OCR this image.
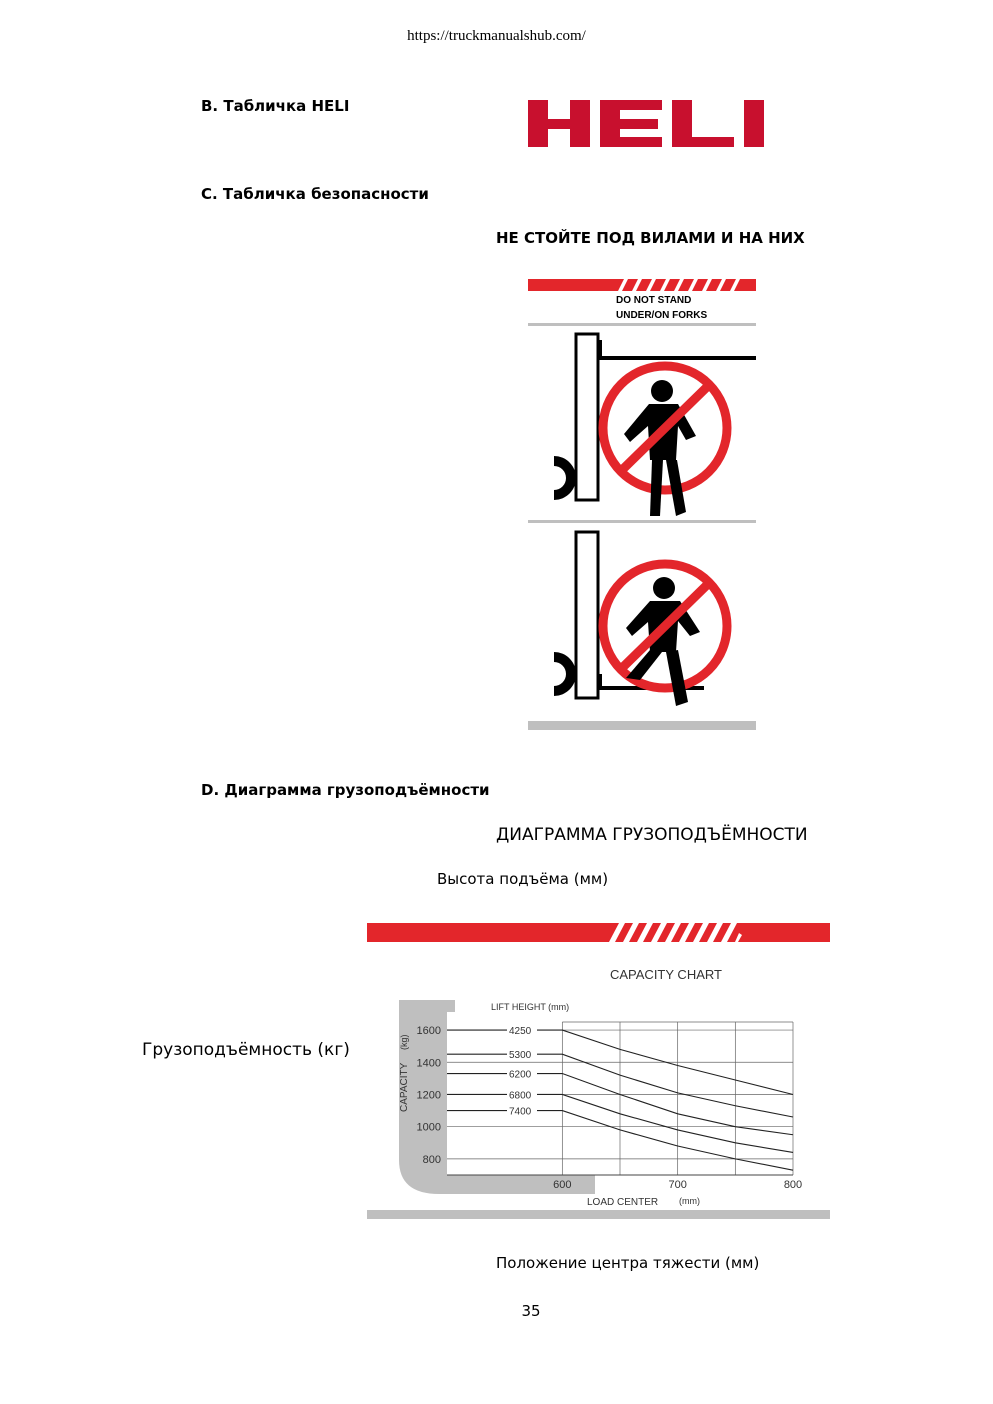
https://truckmanualshub.com/
B. Табличка HELI
C. Табличка безопасности
НЕ СТОЙТЕ ПОД ВИЛАМИ И НА НИХ
DO NOT STAND
UNDER/ON FORKS
D. Диаграмма грузоподъёмности
ДИАГРАММА ГРУЗОПОДЪЁМНОСТИ
Высота подъёма (мм)
Грузоподъёмность (кг)
Положение центра тяжести (мм)
CAPACITY CHART
800
1000
1200
1400
1600
600	700	800
4250
5300
6200
6800
7400
LOAD CENTER (mm)
CAPACITY
(kg)
LIFT HEIGHT (mm)
35
